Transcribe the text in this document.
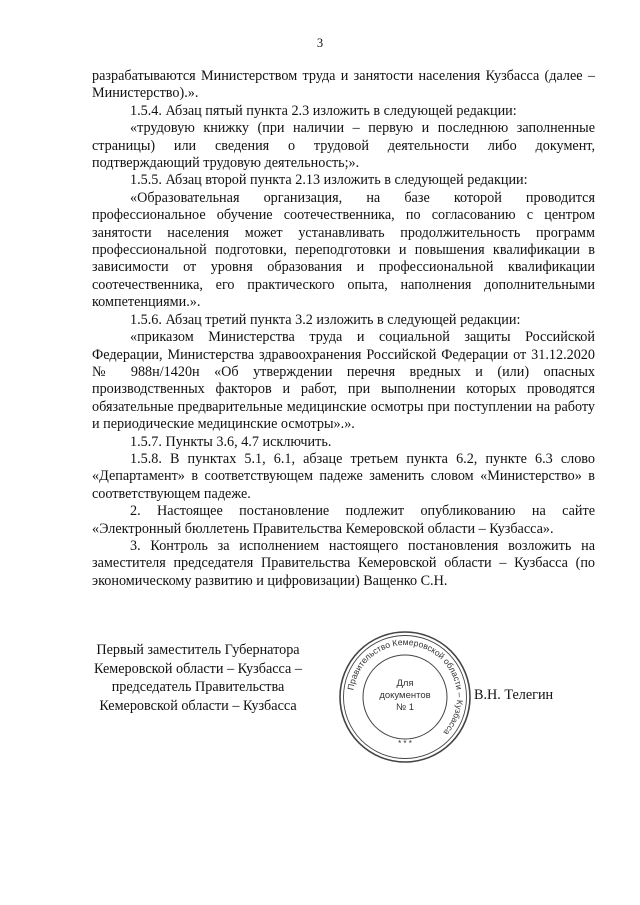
3

разрабатываются Министерством труда и занятости населения Кузбасса (далее – Министерство).».

1.5.4. Абзац пятый пункта 2.3 изложить в следующей редакции:

«трудовую книжку (при наличии – первую и последнюю заполненные страницы) или сведения о трудовой деятельности либо документ, подтверждающий трудовую деятельность;».

1.5.5. Абзац второй пункта 2.13 изложить в следующей редакции:

«Образовательная организация, на базе которой проводится профессиональное обучение соотечественника, по согласованию с центром занятости населения может устанавливать продолжительность программ профессиональной подготовки, переподготовки и повышения квалификации в зависимости от уровня образования и профессиональной квалификации соотечественника, его практического опыта, наполнения дополнительными компетенциями.».

1.5.6. Абзац третий пункта 3.2 изложить в следующей редакции:

«приказом Министерства труда и социальной защиты Российской Федерации, Министерства здравоохранения Российской Федерации от 31.12.2020 № 988н/1420н «Об утверждении перечня вредных и (или) опасных производственных факторов и работ, при выполнении которых проводятся обязательные предварительные медицинские осмотры при поступлении на работу и периодические медицинские осмотры».».

1.5.7. Пункты 3.6, 4.7 исключить.

1.5.8. В пунктах 5.1, 6.1, абзаце третьем пункта 6.2, пункте 6.3 слово «Департамент» в соответствующем падеже заменить словом «Министерство» в соответствующем падеже.

2. Настоящее постановление подлежит опубликованию на сайте «Электронный бюллетень Правительства Кемеровской области – Кузбасса».

3. Контроль за исполнением настоящего постановления возложить на заместителя председателя Правительства Кемеровской области – Кузбасса (по экономическому развитию и цифровизации) Ващенко С.Н.

Первый заместитель Губернатора
Кемеровской области – Кузбасса –
председатель Правительства
Кемеровской области – Кузбасса
Правительство Кемеровской области – Кузбасса
Для
документов
№ 1
* * *
В.Н. Телегин
